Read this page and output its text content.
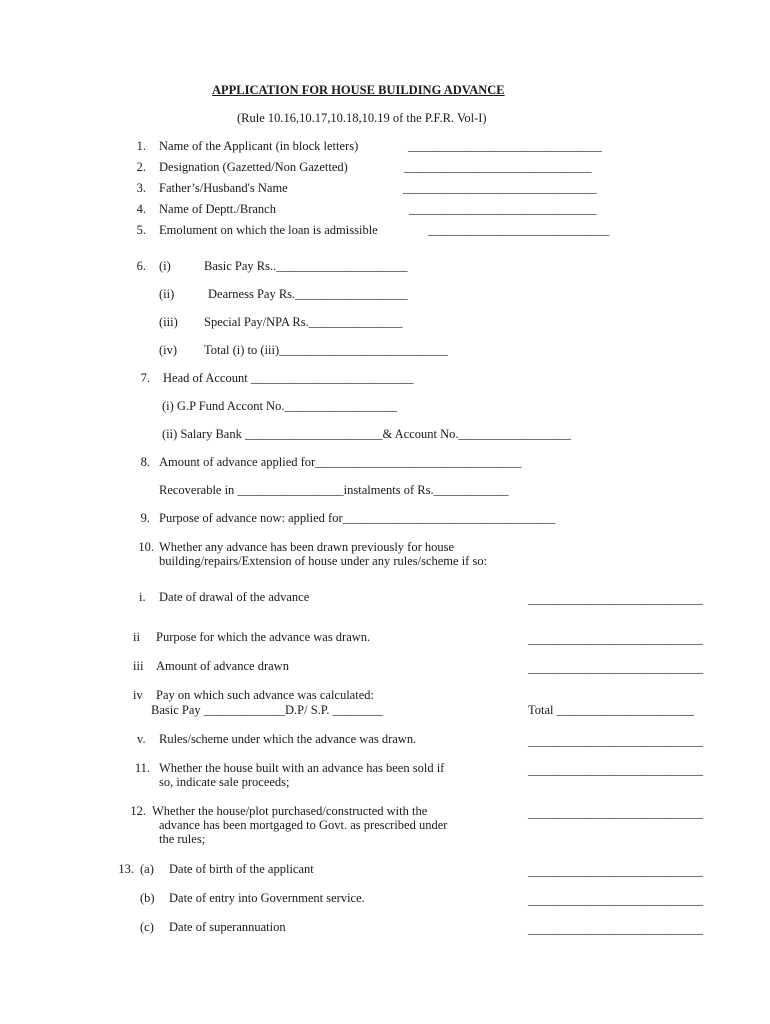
APPLICATION FOR HOUSE BUILDING ADVANCE
(Rule 10.16,10.17,10.18,10.19 of the P.F.R. Vol-I)
1. Name of the Applicant (in block letters)	_______________________________
2. Designation (Gazetted/Non Gazetted)	______________________________
3. Father’s/Husband's Name	_______________________________
4. Name of Deptt./Branch	______________________________
5. Emolument on which the loan is admissible	_____________________________
6. (i)	Basic Pay Rs.._____________________
(ii)	Dearness Pay Rs.__________________
(iii) Special Pay/NPA Rs._______________
(iv) Total (i) to (iii)___________________________
7. Head of Account __________________________
(i) G.P Fund Accont No.__________________
(ii) Salary Bank ______________________& Account No.__________________
8. Amount of advance applied for_________________________________
Recoverable in _________________instalments of Rs.____________
9. Purpose of advance now: applied for__________________________________
10. Whether any advance has been drawn previously for house
building/repairs/Extension of house under any rules/scheme if so:
i. Date of drawal of the advance	____________________________
ii Purpose for which the advance was drawn.	____________________________
iii Amount of advance drawn	____________________________
iv Pay on which such advance was calculated:
Basic Pay _____________D.P/ S.P. ________	Total ______________________
v. Rules/scheme under which the advance was drawn.	____________________________
11. Whether the house built with an advance has been sold if
so, indicate sale proceeds;
____________________________
12. Whether the house/plot purchased/constructed with the
advance has been mortgaged to Govt. as prescribed under
the rules;
____________________________
13. (a) Date of birth of the applicant	____________________________
(b) Date of entry into Government service.	____________________________
(c) Date of superannuation	____________________________
